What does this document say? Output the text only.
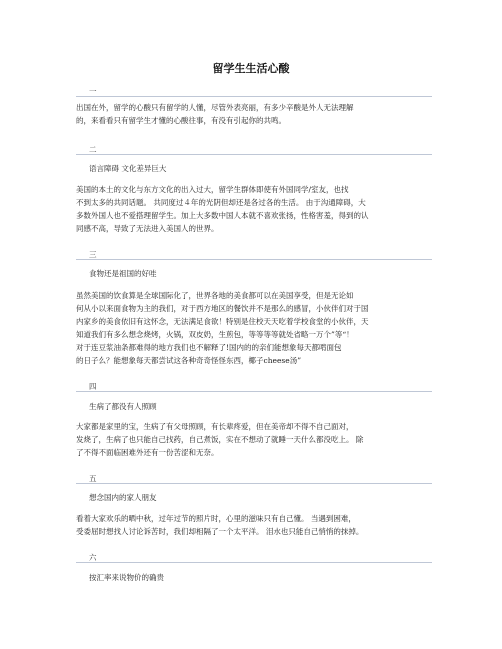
留学生生活心酸
一
出国在外，留学的心酸只有留学的人懂，尽管外表亮丽，有多少辛酸是外人无法理解
的，来看看只有留学生才懂的心酸往事，有没有引起你的共鸣。
二
语言障碍 文化差异巨大
美国的本土的文化与东方文化的出入过大，留学生群体即使有外国同学/室友，也找
不到太多的共同话题。 共同度过４年的光阴但却还是各过各的生活。 由于沟通障碍，大
多数外国人也不爱搭理留学生。加上大多数中国人本就不喜欢张扬，性格害羞，得到的认
同感不高，导致了无法进入美国人的世界。
三
食物还是祖国的好哇
虽然美国的饮食算是全球国际化了，世界各地的美食都可以在美国享受，但是无论如
何从小以来面食物为主的我们，对于西方地区的餐饮并不是那么的感冒，小伙伴们对于国
内家乡的美食依旧有这怀念，无法满足食欲！特别是住校天天吃着学校食堂的小伙伴，天
知道我们有多么想念烧烤，火锅，双皮奶，生煎包，等等等等就处省略一万个”等“！
对于连豆浆油条都难得的地方我们也不解释了!国内的的亲们能想象每天都啃面包
的日子么？能想象每天都尝试这各种奇奇怪怪东西，椰子cheese汤”
四
生病了都没有人照顾
大家都是家里的宝，生病了有父母照顾，有长辈疼爱，但在美帝却不得不自己面对，
发烧了，生病了也只能自己找药，自己煮饭，实在不想动了就睡一天什么都没吃上。 除
了不得不面临困难外还有一份苦涩和无奈。
五
想念国内的家人朋友
看着大家欢乐的晒中秋，过年过节的照片时，心里的滋味只有自己懂。 当遇到困难，
受委屈时想找人讨论诉苦时，我们却相隔了一个太平洋。 泪水也只能自己悄悄的抹掉。
六
按汇率来说物价的确贵
